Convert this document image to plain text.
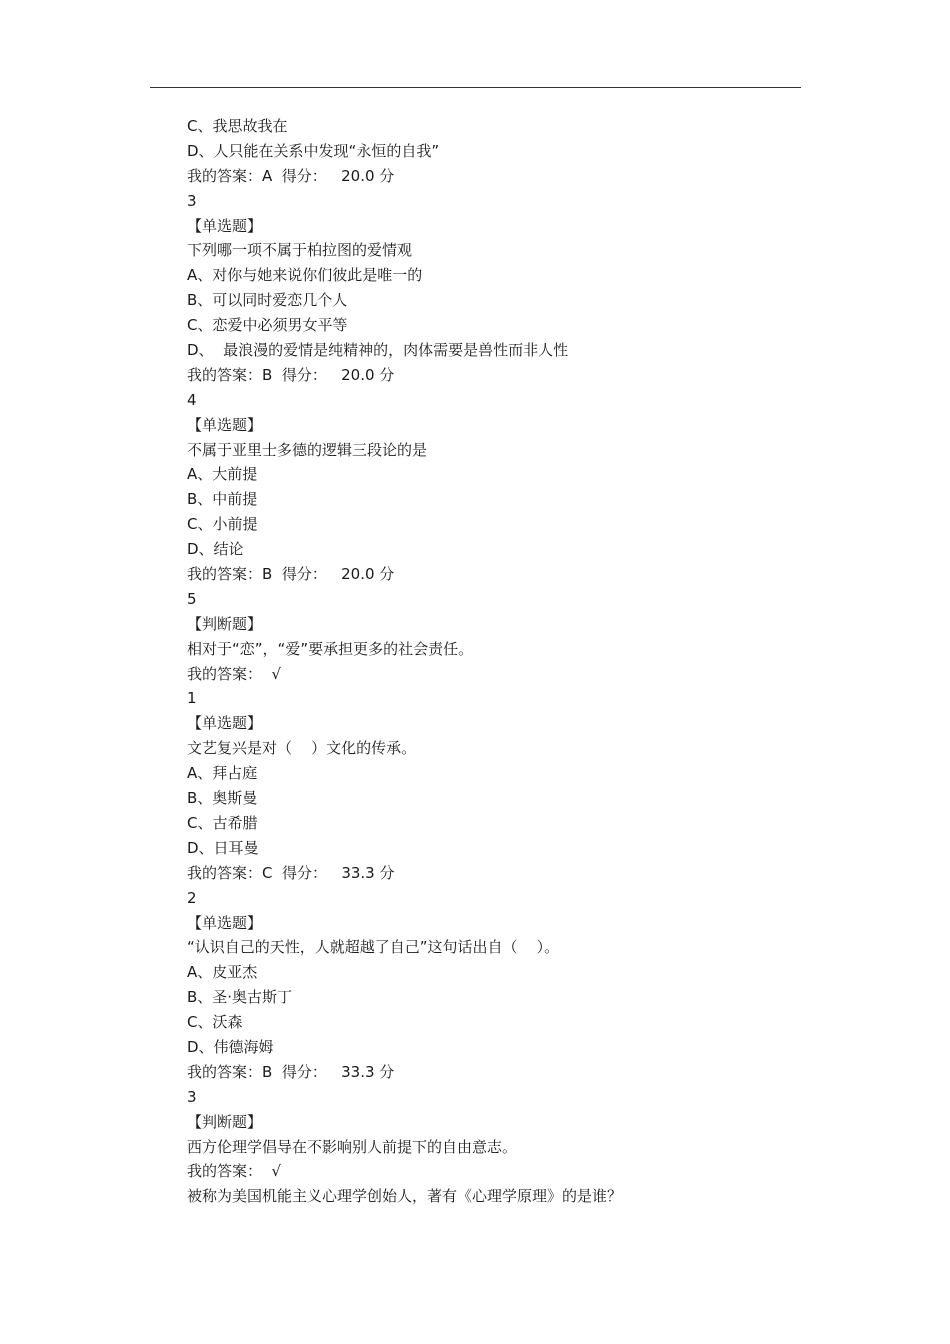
C、我思故我在
D、人只能在关系中发现“永恒的自我”
我的答案：A  得分：   20.0 分
3
【单选题】
下列哪一项不属于柏拉图的爱情观
A、对你与她来说你们彼此是唯一的
B、可以同时爱恋几个人
C、恋爱中必须男女平等
D、  最浪漫的爱情是纯精神的，肉体需要是兽性而非人性
我的答案：B  得分：   20.0 分
4
【单选题】
不属于亚里士多德的逻辑三段论的是
A、大前提
B、中前提
C、小前提
D、结论
我的答案：B  得分：   20.0 分
5
【判断题】
相对于“恋”，“爱”要承担更多的社会责任。
我的答案：  √
1
【单选题】
文艺复兴是对（    ）文化的传承。
A、拜占庭
B、奥斯曼
C、古希腊
D、日耳曼
我的答案：C  得分：   33.3 分
2
【单选题】
“认识自己的天性，人就超越了自己”这句话出自（    ）。
A、皮亚杰
B、圣·奥古斯丁
C、沃森
D、伟德海姆
我的答案：B  得分：   33.3 分
3
【判断题】
西方伦理学倡导在不影响别人前提下的自由意志。
我的答案：  √
被称为美国机能主义心理学创始人，著有《心理学原理》的是谁？
